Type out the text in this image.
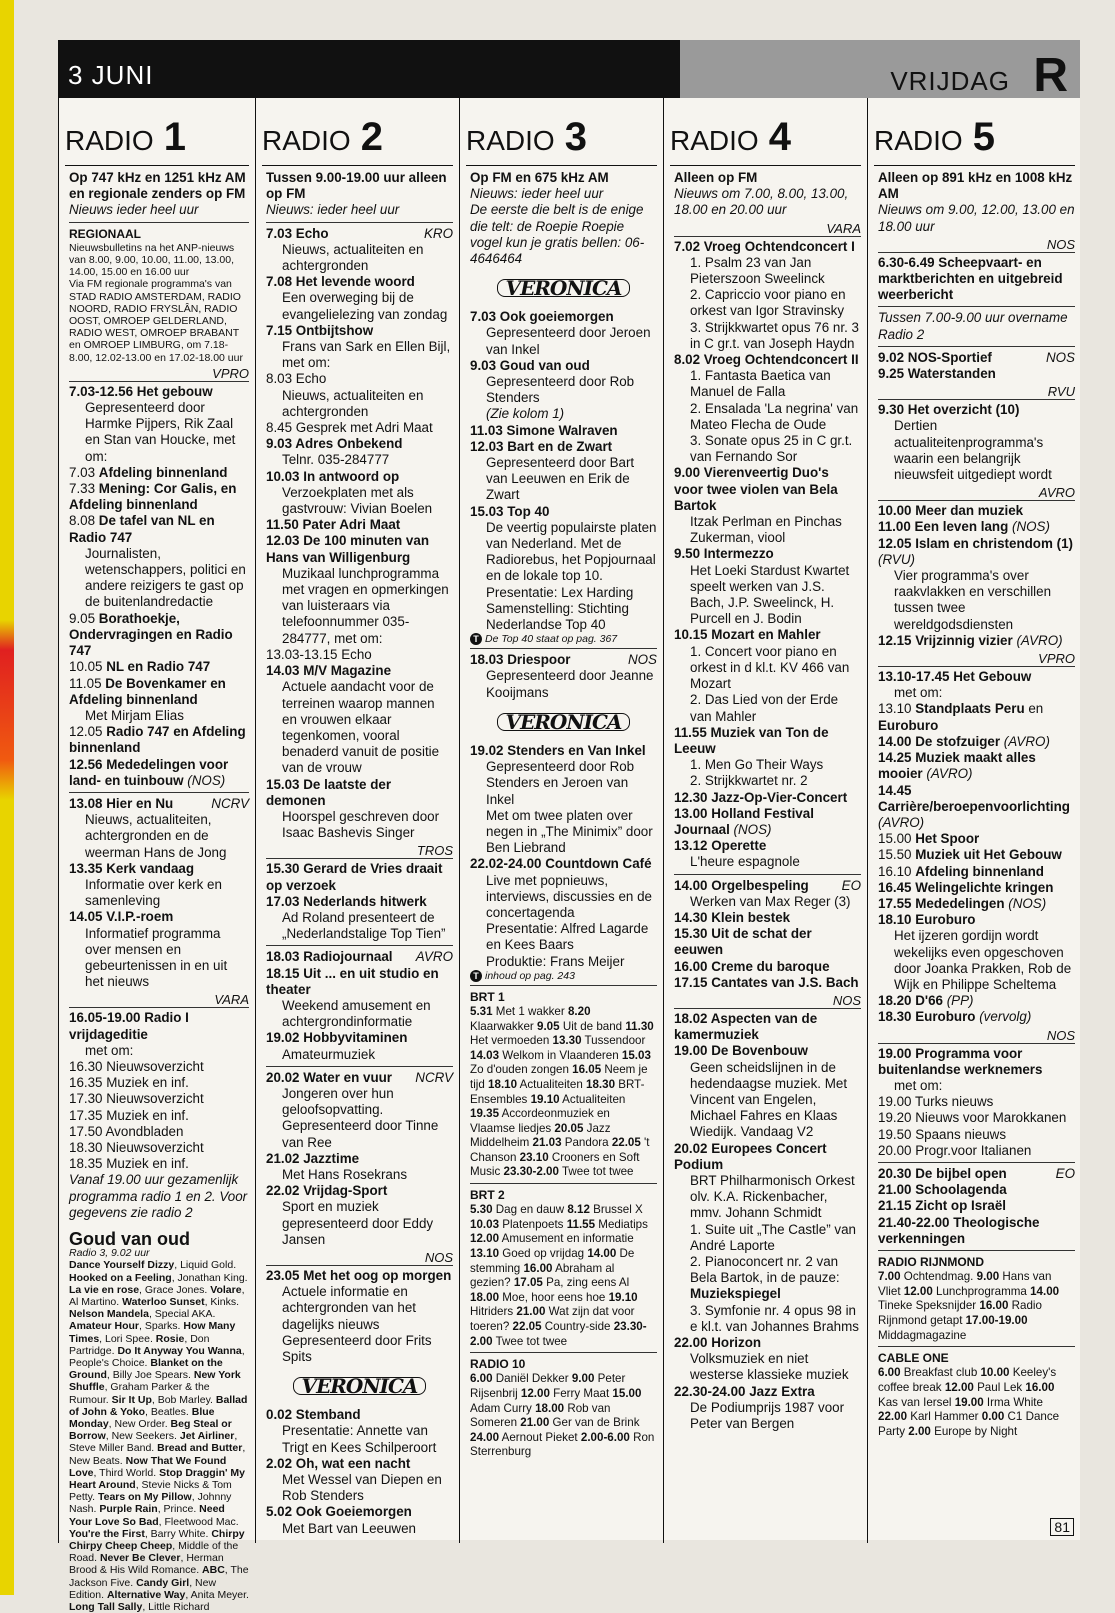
3 JUNI	VRIJDAG R
RADIO 1
Op 747 kHz en 1251 kHz AM en regionale zenders op FM
Nieuws ieder heel uur
REGIONAAL
Nieuwsbulletins na het ANP-nieuws van 8.00, 9.00, 10.00, 11.00, 13.00, 14.00, 15.00 en 16.00 uur
Via FM regionale programma's van STAD RADIO AMSTERDAM, RADIO NOORD, RADIO FRYSLÂN, RADIO OOST, OMROEP GELDERLAND, RADIO WEST, OMROEP BRABANT en OMROEP LIMBURG, om 7.18-8.00, 12.02-13.00 en 17.02-18.00 uur
VPRO
7.03-12.56 Het gebouw
Gepresenteerd door Harmke Pijpers, Rik Zaal en Stan van Houcke, met om:
7.03 Afdeling binnenland
7.33 Mening: Cor Galis, en Afdeling binnenland
8.08 De tafel van NL en Radio 747
Journalisten, wetenschappers, politici en andere reizigers te gast op de buitenlandredactie
9.05 Borathoekje, Ondervragingen en Radio 747
10.05 NL en Radio 747
11.05 De Bovenkamer en Afdeling binnenland
Met Mirjam Elias
12.05 Radio 747 en Afdeling binnenland
12.56 Mededelingen voor land- en tuinbouw (NOS)
13.08 Hier en Nu	NCRV
Nieuws, actualiteiten, achtergronden en de weerman Hans de Jong
13.35 Kerk vandaag
Informatie over kerk en samenleving
14.05 V.I.P.-roem
Informatief programma over mensen en gebeurtenissen in en uit het nieuws
VARA
16.05-19.00 Radio I vrijdageditie
met om:
16.30 Nieuwsoverzicht
16.35 Muziek en inf.
17.30 Nieuwsoverzicht
17.35 Muziek en inf.
17.50 Avondbladen
18.30 Nieuwsoverzicht
18.35 Muziek en inf.
Vanaf 19.00 uur gezamenlijk programma radio 1 en 2. Voor gegevens zie radio 2
Goud van oud
Radio 3, 9.02 uur
Dance Yourself Dizzy, Liquid Gold. Hooked on a Feeling, Jonathan King. La vie en rose, Grace Jones. Volare, Al Martino. Waterloo Sunset, Kinks. Nelson Mandela, Special AKA. Amateur Hour, Sparks. How Many Times, Lori Spee. Rosie, Don Partridge. Do It Anyway You Wanna, People's Choice. Blanket on the Ground, Billy Joe Spears. New York Shuffle, Graham Parker & the Rumour. Sir It Up, Bob Marley. Ballad of John & Yoko, Beatles. Blue Monday, New Order. Beg Steal or Borrow, New Seekers. Jet Airliner, Steve Miller Band. Bread and Butter, New Beats. Now That We Found Love, Third World. Stop Draggin' My Heart Around, Stevie Nicks & Tom Petty. Tears on My Pillow, Johnny Nash. Purple Rain, Prince. Need Your Love So Bad, Fleetwood Mac. You're the First, Barry White. Chirpy Chirpy Cheep Cheep, Middle of the Road. Never Be Clever, Herman Brood & His Wild Romance. ABC, The Jackson Five. Candy Girl, New Edition. Alternative Way, Anita Meyer. Long Tall Sally, Little Richard
RADIO 2
Tussen 9.00-19.00 uur alleen op FM
Nieuws: ieder heel uur
7.03 Echo	KRO
Nieuws, actualiteiten en achtergronden
7.08 Het levende woord
Een overweging bij de evangelielezing van zondag
7.15 Ontbijtshow
Frans van Sark en Ellen Bijl, met om:
8.03 Echo
Nieuws, actualiteiten en achtergronden
8.45 Gesprek met Adri Maat
9.03 Adres Onbekend
Telnr. 035-284777
10.03 In antwoord op
Verzoekplaten met als gastvrouw: Vivian Boelen
11.50 Pater Adri Maat
12.03 De 100 minuten van Hans van Willigenburg
Muzikaal lunchprogramma met vragen en opmerkingen van luisteraars via telefoonnummer 035-284777, met om:
13.03-13.15 Echo
14.03 M/V Magazine
Actuele aandacht voor de terreinen waarop mannen en vrouwen elkaar tegenkomen, vooral benaderd vanuit de positie van de vrouw
15.03 De laatste der demonen
Hoorspel geschreven door Isaac Bashevis Singer
TROS
15.30 Gerard de Vries draait op verzoek
17.03 Nederlands hitwerk
Ad Roland presenteert de „Nederlandstalige Top Tien”
18.03 Radiojournaal AVRO
18.15 Uit ... en uit studio en theater
Weekend amusement en achtergrondinformatie
19.02 Hobbyvitaminen
Amateurmuziek
20.02 Water en vuur NCRV
Jongeren over hun geloofsopvatting. Gepresenteerd door Tinne van Ree
21.02 Jazztime
Met Hans Rosekrans
22.02 Vrijdag-Sport
Sport en muziek gepresenteerd door Eddy Jansen
NOS
23.05 Met het oog op morgen
Actuele informatie en achtergronden van het dagelijks nieuws
Gepresenteerd door Frits Spits
VERONICA
0.02 Stemband
Presentatie: Annette van Trigt en Kees Schilperoort
2.02 Oh, wat een nacht
Met Wessel van Diepen en Rob Stenders
5.02 Ook Goeiemorgen
Met Bart van Leeuwen
RADIO 3
Op FM en 675 kHz AM
Nieuws: ieder heel uur
De eerste die belt is de enige die telt: de Roepie Roepie vogel kun je gratis bellen: 06-4646464
VERONICA
7.03 Ook goeiemorgen
Gepresenteerd door Jeroen van Inkel
9.03 Goud van oud
Gepresenteerd door Rob Stenders
(Zie kolom 1)
11.03 Simone Walraven
12.03 Bart en de Zwart
Gepresenteerd door Bart van Leeuwen en Erik de Zwart
15.03 Top 40
De veertig populairste platen van Nederland. Met de Radiorebus, het Popjournaal en de lokale top 10. Presentatie: Lex Harding Samenstelling: Stichting Nederlandse Top 40
T De Top 40 staat op pag. 367
18.03 Driespoor	NOS
Gepresenteerd door Jeanne Kooijmans
VERONICA
19.02 Stenders en Van Inkel
Gepresenteerd door Rob Stenders en Jeroen van Inkel
Met om twee platen over negen in „The Minimix” door Ben Liebrand
22.02-24.00 Countdown Café
Live met popnieuws, interviews, discussies en de concertagenda
Presentatie: Alfred Lagarde en Kees Baars
Produktie: Frans Meijer
T inhoud op pag. 243
BRT 1
5.31 Met 1 wakker 8.20 Klaarwakker 9.05 Uit de band 11.30 Het vermoeden 13.30 Tussendoor 14.03 Welkom in Vlaanderen 15.03 Zo d'ouden zongen 16.05 Neem je tijd 18.10 Actualiteiten 18.30 BRT-Ensembles 19.10 Actualiteiten 19.35 Accordeonmuziek en Vlaamse liedjes 20.05 Jazz Middelheim 21.03 Pandora 22.05 't Chanson 23.10 Crooners en Soft Music 23.30-2.00 Twee tot twee
BRT 2
5.30 Dag en dauw 8.12 Brussel X 10.03 Platenpoets 11.55 Mediatips 12.00 Amusement en informatie 13.10 Goed op vrijdag 14.00 De stemming 16.00 Abraham al gezien? 17.05 Pa, zing eens Al 18.00 Moe, hoor eens hoe 19.10 Hitriders 21.00 Wat zijn dat voor toeren? 22.05 Country-side 23.30-2.00 Twee tot twee
RADIO 10
6.00 Daniël Dekker 9.00 Peter Rijsenbrij 12.00 Ferry Maat 15.00 Adam Curry 18.00 Rob van Someren 21.00 Ger van de Brink 24.00 Aernout Pieket 2.00-6.00 Ron Sterrenburg
RADIO 4
Alleen op FM
Nieuws om 7.00, 8.00, 13.00, 18.00 en 20.00 uur
VARA
7.02 Vroeg Ochtendconcert I
1. Psalm 23 van Jan Pieterszoon Sweelinck
2. Capriccio voor piano en orkest van Igor Stravinsky
3. Strijkkwartet opus 76 nr. 3 in C gr.t. van Joseph Haydn
8.02 Vroeg Ochtendconcert II
1. Fantasta Baetica van Manuel de Falla
2. Ensalada 'La negrina' van Mateo Flecha de Oude
3. Sonate opus 25 in C gr.t. van Fernando Sor
9.00 Vierenveertig Duo's voor twee violen van Bela Bartok
Itzak Perlman en Pinchas Zukerman, viool
9.50 Intermezzo
Het Loeki Stardust Kwartet speelt werken van J.S. Bach, J.P. Sweelinck, H. Purcell en J. Bodin
10.15 Mozart en Mahler
1. Concert voor piano en orkest in d kl.t. KV 466 van Mozart
2. Das Lied von der Erde van Mahler
11.55 Muziek van Ton de Leeuw
1. Men Go Their Ways
2. Strijkkwartet nr. 2
12.30 Jazz-Op-Vier-Concert
13.00 Holland Festival Journaal (NOS)
13.12 Operette
L'heure espagnole
14.00 Orgelbespeling EO
Werken van Max Reger (3)
14.30 Klein bestek
15.30 Uit de schat der eeuwen
16.00 Creme du baroque
17.15 Cantates van J.S. Bach
NOS
18.02 Aspecten van de kamermuziek
19.00 De Bovenbouw
Geen scheidslijnen in de hedendaagse muziek. Met Vincent van Engelen, Michael Fahres en Klaas Wiedijk. Vandaag V2
20.02 Europees Concert Podium
BRT Philharmonisch Orkest olv. K.A. Rickenbacher, mmv. Johann Schmidt
1. Suite uit „The Castle” van André Laporte
2. Pianoconcert nr. 2 van Bela Bartok, in de pauze: Muziekspiegel
3. Symfonie nr. 4 opus 98 in e kl.t. van Johannes Brahms
22.00 Horizon
Volksmuziek en niet westerse klassieke muziek
22.30-24.00 Jazz Extra
De Podiumprijs 1987 voor Peter van Bergen
RADIO 5
Alleen op 891 kHz en 1008 kHz AM
Nieuws om 9.00, 12.00, 13.00 en 18.00 uur
NOS
6.30-6.49 Scheepvaart- en marktberichten en uitgebreid weerbericht
Tussen 7.00-9.00 uur overname Radio 2
9.02 NOS-Sportief	NOS
9.25 Waterstanden
RVU
9.30 Het overzicht (10)
Dertien actualiteitenprogramma's waarin een belangrijk nieuwsfeit uitgediept wordt
AVRO
10.00 Meer dan muziek
11.00 Een leven lang (NOS)
12.05 Islam en christendom (1) (RVU)
Vier programma's over raakvlakken en verschillen tussen twee wereldgodsdiensten
12.15 Vrijzinnig vizier (AVRO)
VPRO
13.10-17.45 Het Gebouw
met om:
13.10 Standplaats Peru en Euroburo
14.00 De stofzuiger (AVRO)
14.25 Muziek maakt alles mooier (AVRO)
14.45 Carrière/beroepenvoorlichting (AVRO)
15.00 Het Spoor
15.50 Muziek uit Het Gebouw
16.10 Afdeling binnenland
16.45 Welingelichte kringen
17.55 Mededelingen (NOS)
18.10 Euroburo
Het ijzeren gordijn wordt wekelijks even opgeschoven door Joanka Prakken, Rob de Wijk en Philippe Scheltema
18.20 D'66 (PP)
18.30 Euroburo (vervolg)
NOS
19.00 Programma voor buitenlandse werknemers
met om:
19.00 Turks nieuws
19.20 Nieuws voor Marokkanen
19.50 Spaans nieuws
20.00 Progr.voor Italianen
20.30 De bijbel open	EO
21.00 Schoolagenda
21.15 Zicht op Israël
21.40-22.00 Theologische verkenningen
RADIO RIJNMOND
7.00 Ochtendmag. 9.00 Hans van Vliet 12.00 Lunchprogramma 14.00 Tineke Speksnijder 16.00 Radio Rijnmond getapt 17.00-19.00 Middagmagazine
CABLE ONE
6.00 Breakfast club 10.00 Keeley's coffee break 12.00 Paul Lek 16.00 Kas van Iersel 19.00 Irma White 22.00 Karl Hammer 0.00 C1 Dance Party 2.00 Europe by Night
81
